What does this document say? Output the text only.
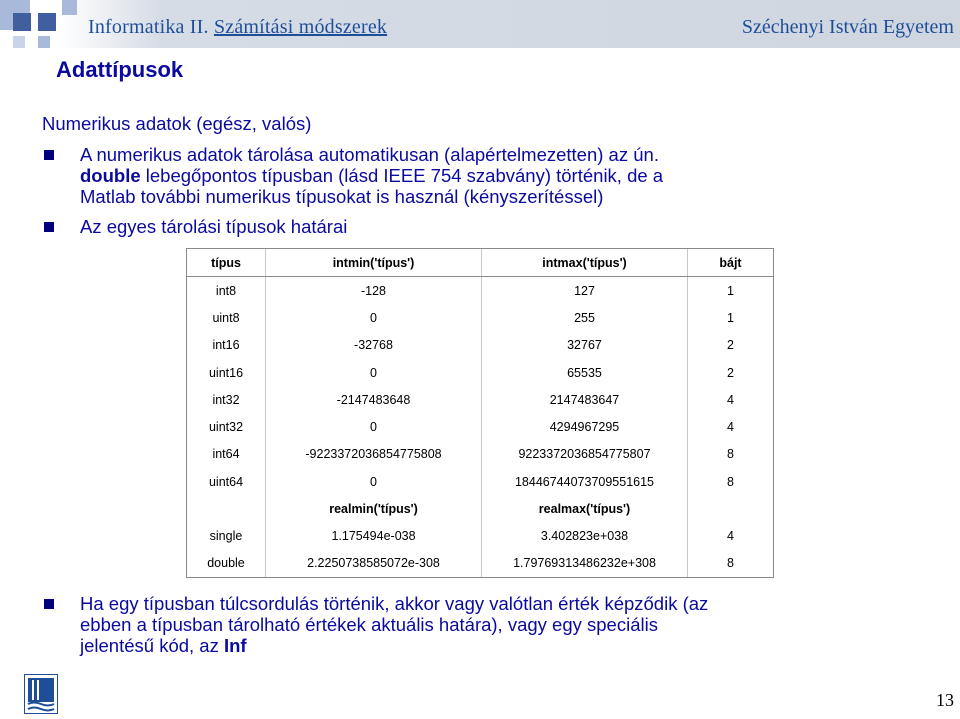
Informatika II. Számítási módszerek	Széchenyi István Egyetem
Adattípusok
Numerikus adatok (egész, valós)
A numerikus adatok tárolása automatikusan (alapértelmezetten) az ún.
double lebegőpontos típusban (lásd IEEE 754 szabvány) történik, de a
Matlab további numerikus típusokat is használ (kényszerítéssel)
Az egyes tárolási típusok határai
típus	intmin('típus')	intmax('típus')	bájt
int8	-128	127	1
uint8	0	255	1
int16	-32768	32767	2
uint16	0	65535	2
int32	-2147483648	2147483647	4
uint32	0	4294967295	4
int64	-9223372036854775808	9223372036854775807	8
uint64	0	18446744073709551615	8
	realmin('típus')	realmax('típus')	
single	1.175494e-038	3.402823e+038	4
double	2.2250738585072e-308	1.79769313486232e+308	8
Ha egy típusban túlcsordulás történik, akkor vagy valótlan érték képződik (az
ebben a típusban tárolható értékek aktuális határa), vagy egy speciális
jelentésű kód, az Inf
13
